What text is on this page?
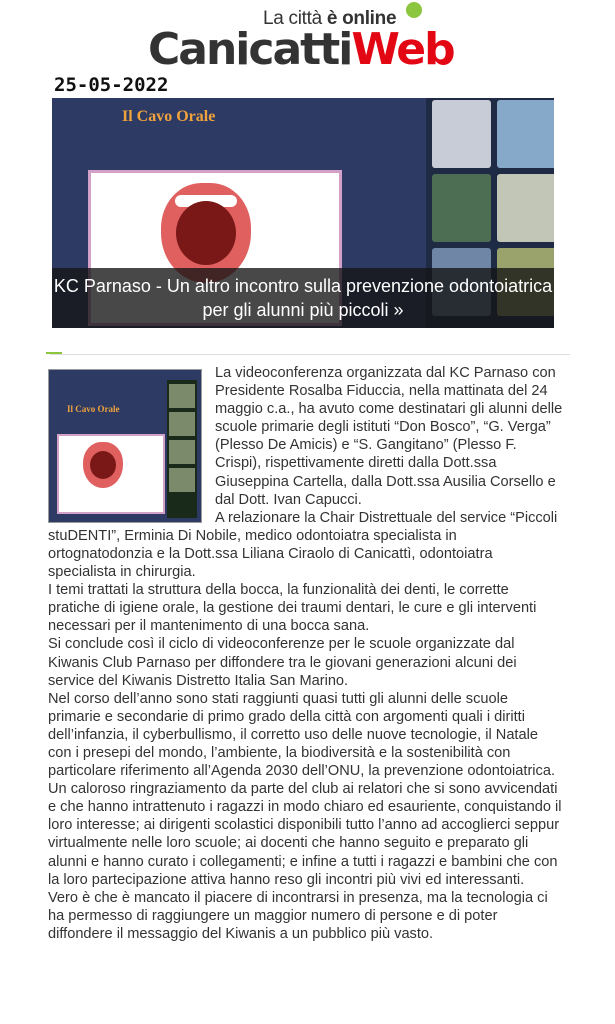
La città è online
CanicattiWeb
25-05-2022
Il Cavo Orale
KC Parnaso - Un altro incontro sulla prevenzione odontoiatrica per gli alunni più piccoli »
Il Cavo Orale

La videoconferenza organizzata dal KC Parnaso con Presidente Rosalba Fiduccia, nella mattinata del 24 maggio c.a., ha avuto come destinatari gli alunni delle scuole primarie degli istituti “Don Bosco”, “G. Verga” (Plesso De Amicis) e “S. Gangitano” (Plesso F. Crispi), rispettivamente diretti dalla Dott.ssa Giuseppina Cartella, dalla Dott.ssa Ausilia Corsello e dal Dott. Ivan Capucci.

A relazionare la Chair Distrettuale del service “Piccoli stuDENTI”, Erminia Di Nobile, medico odontoiatra specialista in ortognatodonzia e la Dott.ssa Liliana Ciraolo di Canicattì, odontoiatra specialista in chirurgia.

I temi trattati la struttura della bocca, la funzionalità dei denti, le corrette pratiche di igiene orale, la gestione dei traumi dentari, le cure e gli interventi necessari per il mantenimento di una bocca sana.

Si conclude così il ciclo di videoconferenze per le scuole organizzate dal Kiwanis Club Parnaso per diffondere tra le giovani generazioni alcuni dei service del Kiwanis Distretto Italia San Marino.

Nel corso dell’anno sono stati raggiunti quasi tutti gli alunni delle scuole primarie e secondarie di primo grado della città con argomenti quali i diritti dell’infanzia, il cyberbullismo, il corretto uso delle nuove tecnologie, il Natale con i presepi del mondo, l’ambiente, la biodiversità e la sostenibilità con particolare riferimento all’Agenda 2030 dell’ONU, la prevenzione odontoiatrica.

Un caloroso ringraziamento da parte del club ai relatori che si sono avvicendati e che hanno intrattenuto i ragazzi in modo chiaro ed esauriente, conquistando il loro interesse; ai dirigenti scolastici disponibili tutto l’anno ad accoglierci seppur virtualmente nelle loro scuole; ai docenti che hanno seguito e preparato gli alunni e hanno curato i collegamenti; e infine a tutti i ragazzi e bambini che con la loro partecipazione attiva hanno reso gli incontri più vivi ed interessanti.

Vero è che è mancato il piacere di incontrarsi in presenza, ma la tecnologia ci ha permesso di raggiungere un maggior numero di persone e di poter diffondere il messaggio del Kiwanis a un pubblico più vasto.
